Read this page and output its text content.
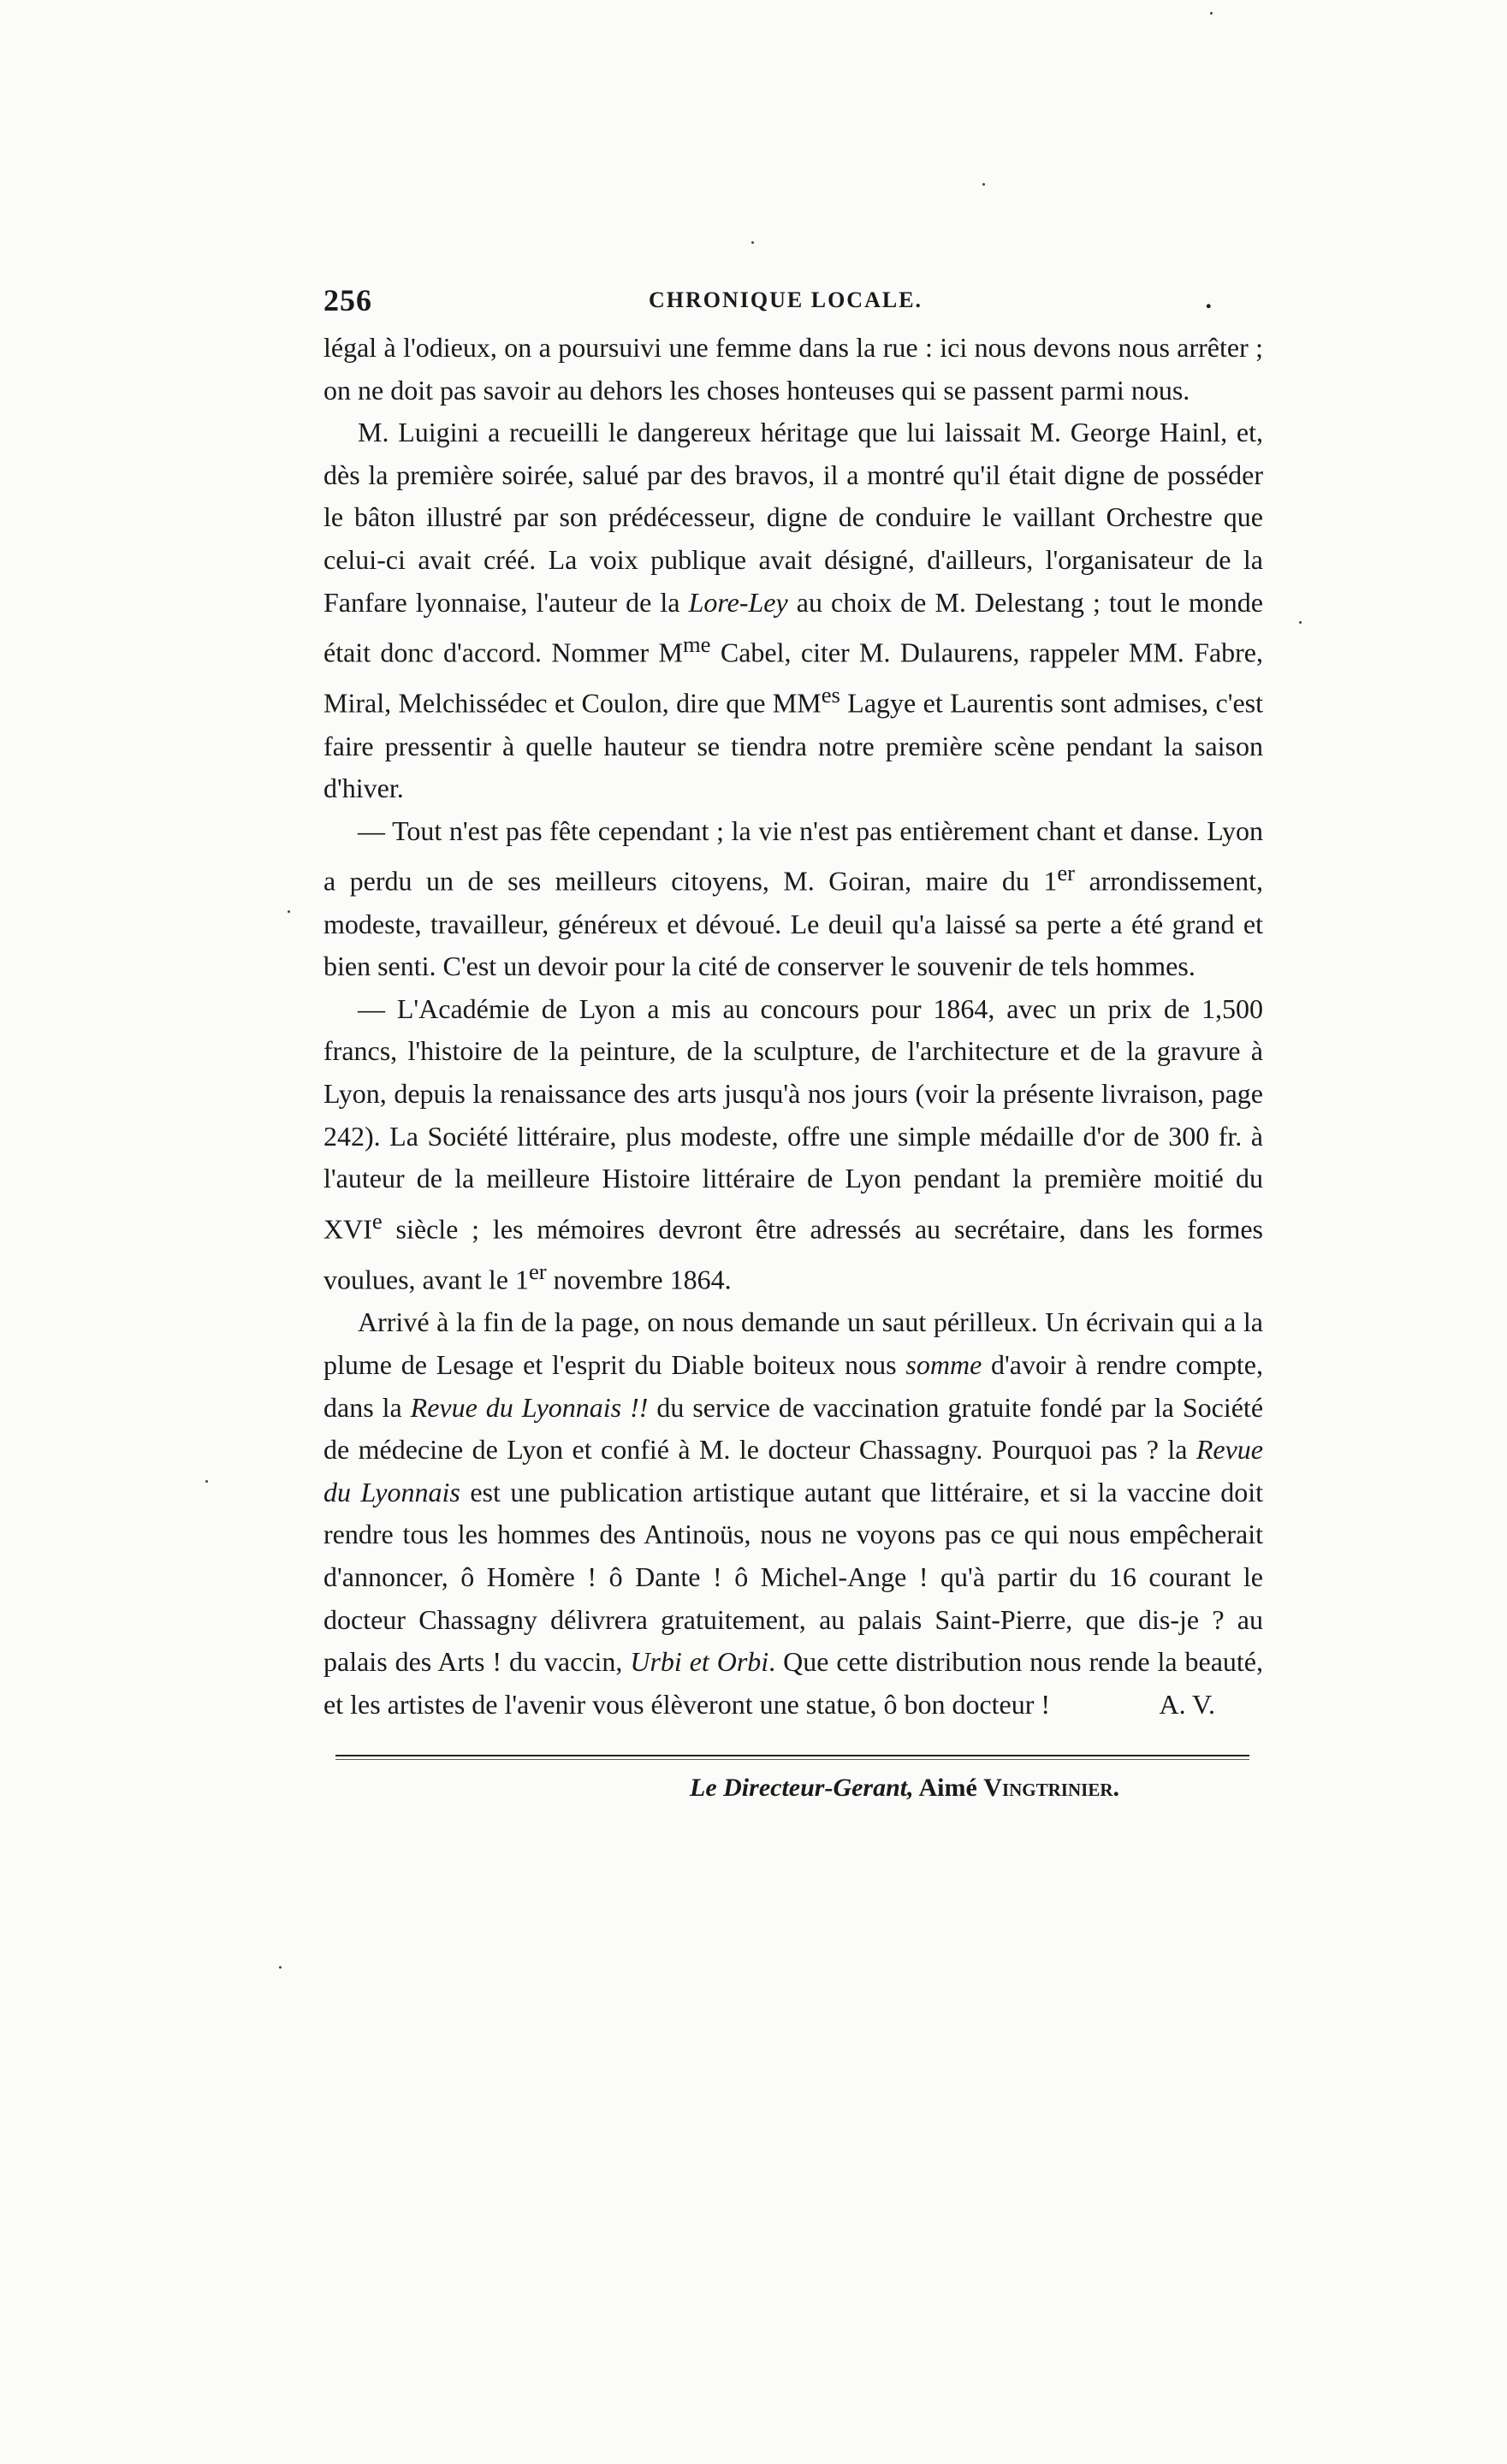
256	CHRONIQUE LOCALE.	.

légal à l'odieux, on a poursuivi une femme dans la rue : ici nous devons nous arrêter ; on ne doit pas savoir au dehors les choses honteuses qui se passent parmi nous.

M. Luigini a recueilli le dangereux héritage que lui laissait M. George Hainl, et, dès la première soirée, salué par des bravos, il a montré qu'il était digne de posséder le bâton illustré par son prédécesseur, digne de conduire le vaillant Orchestre que celui-ci avait créé. La voix publique avait désigné, d'ailleurs, l'organisateur de la Fanfare lyonnaise, l'auteur de la Lore-Ley au choix de M. Delestang ; tout le monde était donc d'accord. Nommer $M^{me}$ Cabel, citer M. Dulaurens, rappeler MM. Fabre, Miral, Melchissédec et Coulon, dire que $MM^{es}$ Lagye et Laurentis sont admises, c'est faire pressentir à quelle hauteur se tiendra notre première scène pendant la saison d'hiver.

— Tout n'est pas fête cependant ; la vie n'est pas entièrement chant et danse. Lyon a perdu un de ses meilleurs citoyens, M. Goiran, maire du 1er arrondissement, modeste, travailleur, généreux et dévoué. Le deuil qu'a laissé sa perte a été grand et bien senti. C'est un devoir pour la cité de conserver le souvenir de tels hommes.

— L'Académie de Lyon a mis au concours pour 1864, avec un prix de 1,500 francs, l'histoire de la peinture, de la sculpture, de l'architecture et de la gravure à Lyon, depuis la renaissance des arts jusqu'à nos jours (voir la présente livraison, page 242). La Société littéraire, plus modeste, offre une simple médaille d'or de 300 fr. à l'auteur de la meilleure Histoire littéraire de Lyon pendant la première moitié du XVIe siècle ; les mémoires devront être adressés au secrétaire, dans les formes voulues, avant le 1er novembre 1864.

Arrivé à la fin de la page, on nous demande un saut périlleux. Un écrivain qui a la plume de Lesage et l'esprit du Diable boiteux nous somme d'avoir à rendre compte, dans la Revue du Lyonnais !! du service de vaccination gratuite fondé par la Société de médecine de Lyon et confié à M. le docteur Chassagny. Pourquoi pas ? la Revue du Lyonnais est une publication artistique autant que littéraire, et si la vaccine doit rendre tous les hommes des Antinoüs, nous ne voyons pas ce qui nous empêcherait d'annoncer, ô Homère ! ô Dante ! ô Michel-Ange ! qu'à partir du 16 courant le docteur Chassagny délivrera gratuitement, au palais Saint-Pierre, que dis-je ? au palais des Arts ! du vaccin, Urbi et Orbi. Que cette distribution nous rende la beauté, et les artistes de l'avenir vous élèveront une statue, ô bon docteur !	A. V.

Le Directeur-Gerant, Aimé Vingtrinier.
